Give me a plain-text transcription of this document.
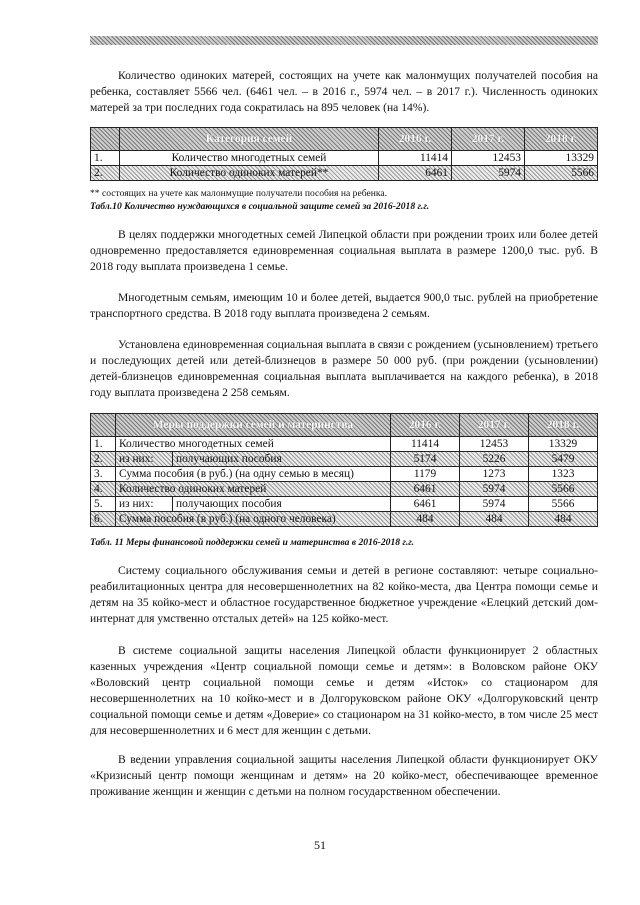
Количество одиноких матерей, состоящих на учете как малонмущих получателей пособия на ребенка, составляет 5566 чел. (6461 чел. – в 2016 г., 5974 чел. – в 2017 г.). Численность одиноких матерей за три последних года сократилась на 895 человек (на 14%).

	Категория семей	2016 г.	2017 г.	2018 г.
1.	Количество многодетных семей	11414	12453	13329
2.	Количество одиноких матерей**	6461	5974	5566
** состоящих на учете как малонмущие получатели пособия на ребенка.
Табл.10 Количество нуждающихся в социальной защите семей за 2016-2018 г.г.

В целях поддержки многодетных семей Липецкой области при рождении троих или более детей одновременно предоставляется единовременная социальная выплата в размере 1200,0 тыс. руб. В 2018 году выплата произведена 1 семье.

Многодетным семьям, имеющим 10 и более детей, выдается 900,0 тыс. рублей на приобретение транспортного средства. В 2018 году выплата произведена 2 семьям.

Установлена единовременная социальная выплата в связи с рождением (усыновлением) третьего и последующих детей или детей-близнецов в размере 50 000 руб. (при рождении (усыновлении) детей-близнецов единовременная социальная выплата выплачивается на каждого ребенка), в 2018 году выплата произведена 2 258 семьям.

	Меры поддержки семей и материнства		2016 г.	2017 г.	2018 г.
1.	Количество многодетных семей		11414	12453	13329
2.	из них:	получающих пособия	5174	5226	5479
3.	Сумма пособия (в руб.) (на одну семью в месяц)		1179	1273	1323
4.	Количество одиноких матерей		6461	5974	5566
5.	из них:	получающих пособия	6461	5974	5566
6.	Сумма пособия (в руб.) (на одного человека)		484	484	484
Табл. 11 Меры финансовой поддержки семей и материнства в 2016-2018 г.г.

Систему социального обслуживания семьи и детей в регионе составляют: четыре социально-реабилитационных центра для несовершеннолетних на 82 койко-места, два Центра помощи семье и детям на 35 койко-мест и областное государственное бюджетное учреждение «Елецкий детский дом-интернат для умственно отсталых детей» на 125 койко-мест.

В системе социальной защиты населения Липецкой области функционирует 2 областных казенных учреждения «Центр социальной помощи семье и детям»: в Воловском районе ОКУ «Воловский центр социальной помощи семье и детям «Исток» со стационаром для несовершеннолетних на 10 койко-мест и в Долгоруковском районе ОКУ «Долгоруковский центр социальной помощи семье и детям «Доверие» со стационаром на 31 койко-место, в том числе 25 мест для несовершеннолетних и 6 мест для женщин с детьми.

В ведении управления социальной защиты населения Липецкой области функционирует ОКУ «Кризисный центр помощи женщинам и детям» на 20 койко-мест, обеспечивающее временное проживание женщин и женщин с детьми на полном государственном обеспечении.

51
